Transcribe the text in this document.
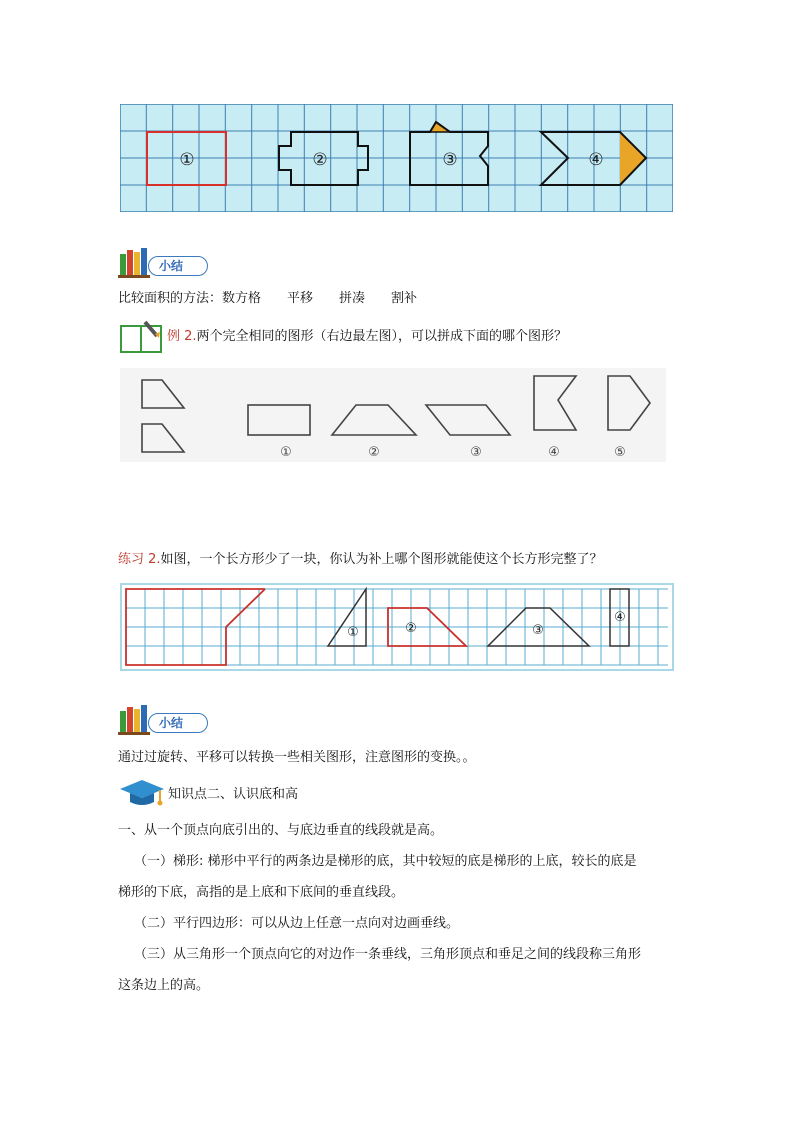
①	②	③	④
小结
比较面积的方法：数方格　　平移　　拼凑　　割补
例 2.两个完全相同的图形（右边最左图），可以拼成下面的哪个图形？
①	②	③	④	⑤
练习 2.如图，一个长方形少了一块，你认为补上哪个图形就能使这个长方形完整了？
①	②	③
④
小结
通过过旋转、平移可以转换一些相关图形，注意图形的变换。。
知识点二、认识底和高
一、从一个顶点向底引出的、与底边垂直的线段就是高。
（一）梯形: 梯形中平行的两条边是梯形的底，其中较短的底是梯形的上底，较长的底是
梯形的下底，高指的是上底和下底间的垂直线段。
（二）平行四边形：可以从边上任意一点向对边画垂线。
（三）从三角形一个顶点向它的对边作一条垂线，三角形顶点和垂足之间的线段称三角形
这条边上的高。
